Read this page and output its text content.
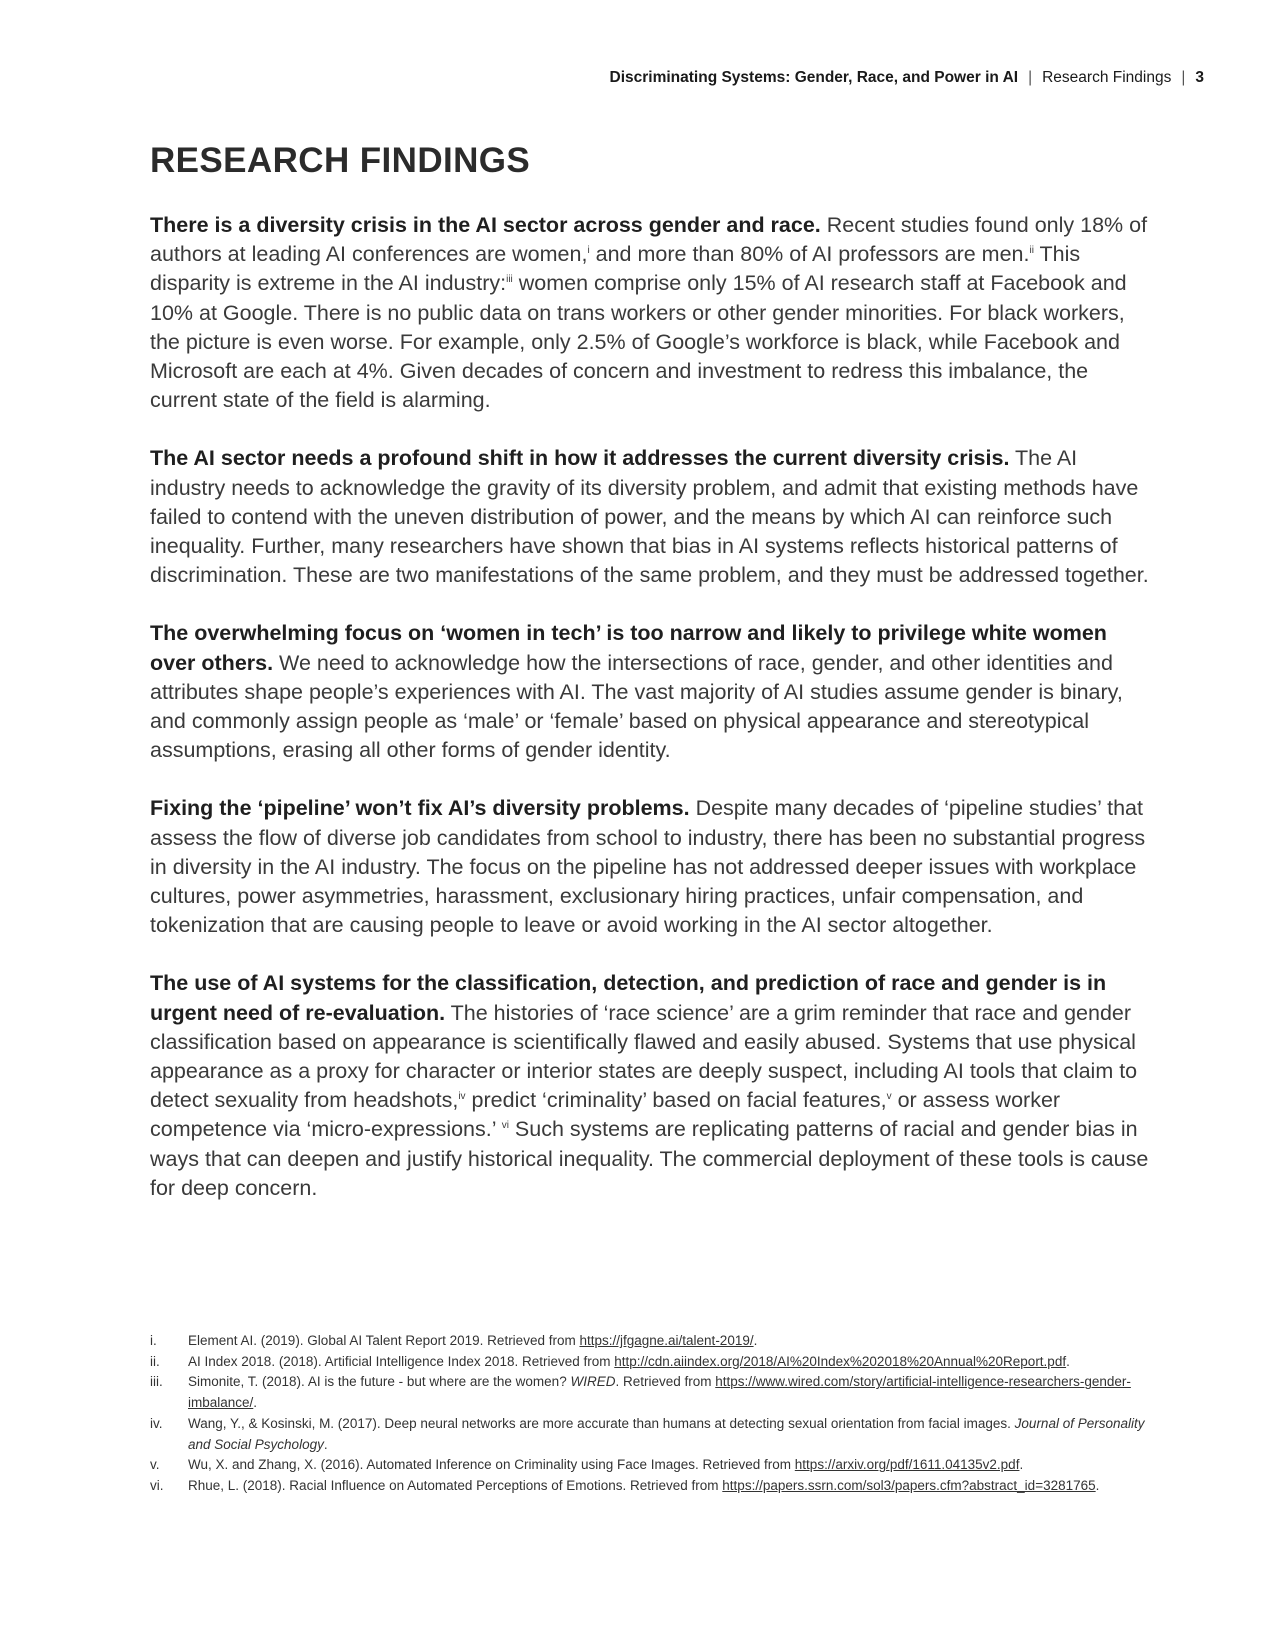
Discriminating Systems: Gender, Race, and Power in AI | Research Findings | 3
RESEARCH FINDINGS

There is a diversity crisis in the AI sector across gender and race. Recent studies found only 18% of authors at leading AI conferences are women,$^i$ and more than 80% of AI professors are men.$^{ii}$ This disparity is extreme in the AI industry:$^{iii}$ women comprise only 15% of AI research staff at Facebook and 10% at Google. There is no public data on trans workers or other gender minorities. For black workers, the picture is even worse. For example, only 2.5% of Google’s workforce is black, while Facebook and Microsoft are each at 4%. Given decades of concern and investment to redress this imbalance, the current state of the field is alarming.

The AI sector needs a profound shift in how it addresses the current diversity crisis. The AI industry needs to acknowledge the gravity of its diversity problem, and admit that existing methods have failed to contend with the uneven distribution of power, and the means by which AI can reinforce such inequality. Further, many researchers have shown that bias in AI systems reflects historical patterns of discrimination. These are two manifestations of the same problem, and they must be addressed together.

The overwhelming focus on ‘women in tech’ is too narrow and likely to privilege white women over others. We need to acknowledge how the intersections of race, gender, and other identities and attributes shape people’s experiences with AI. The vast majority of AI studies assume gender is binary, and commonly assign people as ‘male’ or ‘female’ based on physical appearance and stereotypical assumptions, erasing all other forms of gender identity.

Fixing the ‘pipeline’ won’t fix AI’s diversity problems. Despite many decades of ‘pipeline studies’ that assess the flow of diverse job candidates from school to industry, there has been no substantial progress in diversity in the AI industry. The focus on the pipeline has not addressed deeper issues with workplace cultures, power asymmetries, harassment, exclusionary hiring practices, unfair compensation, and tokenization that are causing people to leave or avoid working in the AI sector altogether.

The use of AI systems for the classification, detection, and prediction of race and gender is in urgent need of re-evaluation. The histories of ‘race science’ are a grim reminder that race and gender classification based on appearance is scientifically flawed and easily abused. Systems that use physical appearance as a proxy for character or interior states are deeply suspect, including AI tools that claim to detect sexuality from headshots,$^{iv}$ predict ‘criminality’ based on facial features,$^v$ or assess worker competence via ‘micro-expressions.’ $^{vi}$ Such systems are replicating patterns of racial and gender bias in ways that can deepen and justify historical inequality. The commercial deployment of these tools is cause for deep concern.

i. Element AI. (2019). Global AI Talent Report 2019. Retrieved from https://jfgagne.ai/talent-2019/.
ii. AI Index 2018. (2018). Artificial Intelligence Index 2018. Retrieved from http://cdn.aiindex.org/2018/AI%20Index%202018%20Annual%20Report.pdf.
iii. Simonite, T. (2018). AI is the future - but where are the women? WIRED. Retrieved from https://www.wired.com/story/artificial-intelligence-researchers-gender-imbalance/.
iv. Wang, Y., & Kosinski, M. (2017). Deep neural networks are more accurate than humans at detecting sexual orientation from facial images. Journal of Personality and Social Psychology.
v. Wu, X. and Zhang, X. (2016). Automated Inference on Criminality using Face Images. Retrieved from https://arxiv.org/pdf/1611.04135v2.pdf.
vi. Rhue, L. (2018). Racial Influence on Automated Perceptions of Emotions. Retrieved from https://papers.ssrn.com/sol3/papers.cfm?abstract_id=3281765.
